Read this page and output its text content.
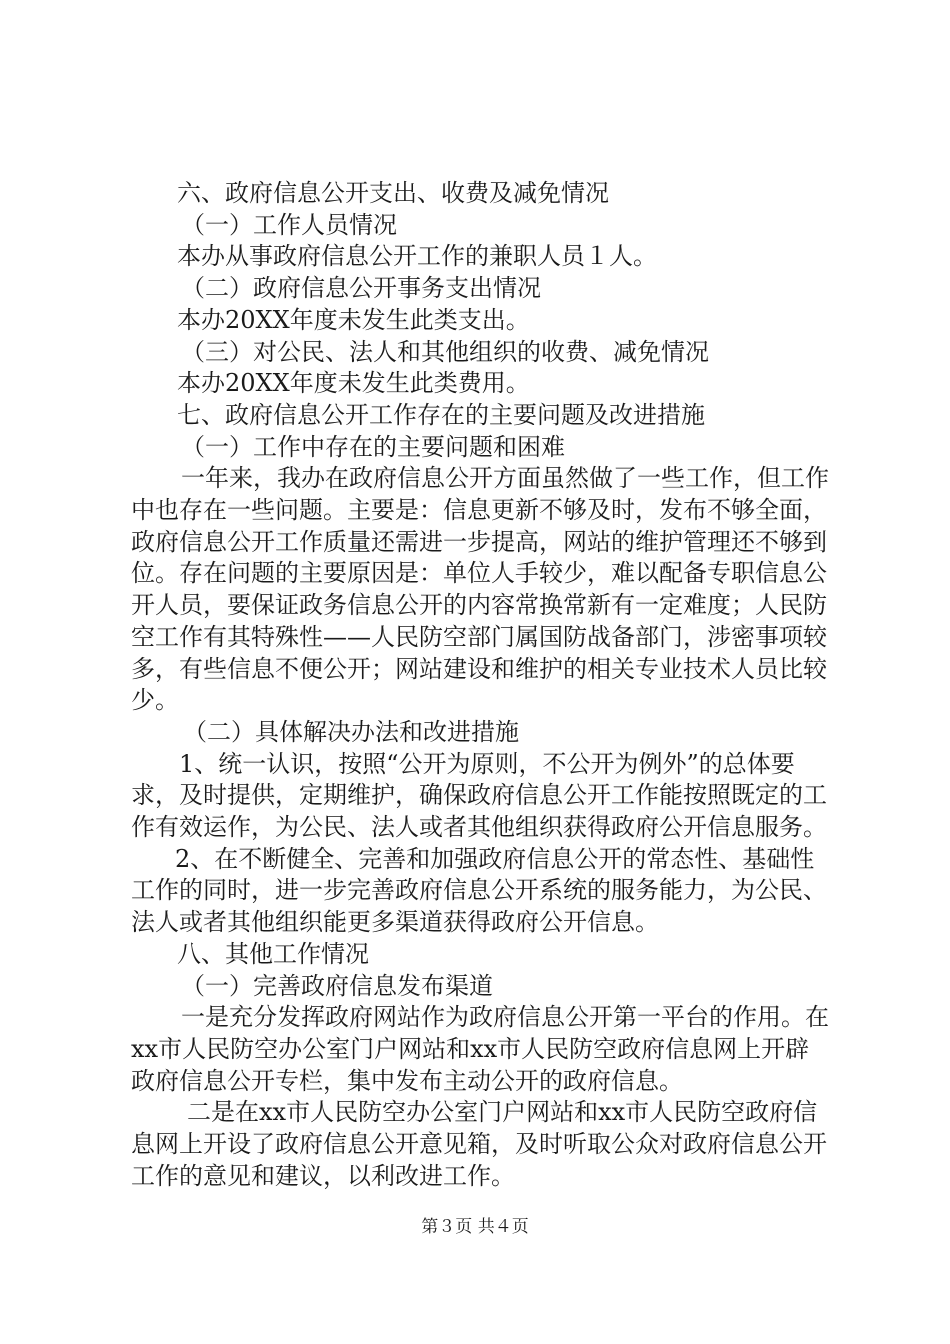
六、政府信息公开支出、收费及减免情况

（一）工作人员情况

本办从事政府信息公开工作的兼职人员１人。

（二）政府信息公开事务支出情况

本办20XX年度未发生此类支出。

（三）对公民、法人和其他组织的收费、减免情况

本办20XX年度未发生此类费用。

七、政府信息公开工作存在的主要问题及改进措施

（一）工作中存在的主要问题和困难

一年来，我办在政府信息公开方面虽然做了一些工作，但工作中也存在一些问题。主要是：信息更新不够及时，发布不够全面，政府信息公开工作质量还需进一步提高，网站的维护管理还不够到位。存在问题的主要原因是：单位人手较少，难以配备专职信息公开人员，要保证政务信息公开的内容常换常新有一定难度；人民防空工作有其特殊性——人民防空部门属国防战备部门，涉密事项较多，有些信息不便公开；网站建设和维护的相关专业技术人员比较少。

（二）具体解决办法和改进措施

1、统一认识，按照“公开为原则，不公开为例外”的总体要求，及时提供，定期维护，确保政府信息公开工作能按照既定的工作有效运作，为公民、法人或者其他组织获得政府公开信息服务。

2、在不断健全、完善和加强政府信息公开的常态性、基础性工作的同时，进一步完善政府信息公开系统的服务能力，为公民、法人或者其他组织能更多渠道获得政府公开信息。

八、其他工作情况

（一）完善政府信息发布渠道

一是充分发挥政府网站作为政府信息公开第一平台的作用。在xx市人民防空办公室门户网站和xx市人民防空政府信息网上开辟政府信息公开专栏，集中发布主动公开的政府信息。

二是在xx市人民防空办公室门户网站和xx市人民防空政府信息网上开设了政府信息公开意见箱，及时听取公众对政府信息公开工作的意见和建议，以利改进工作。

第３页 共４页
